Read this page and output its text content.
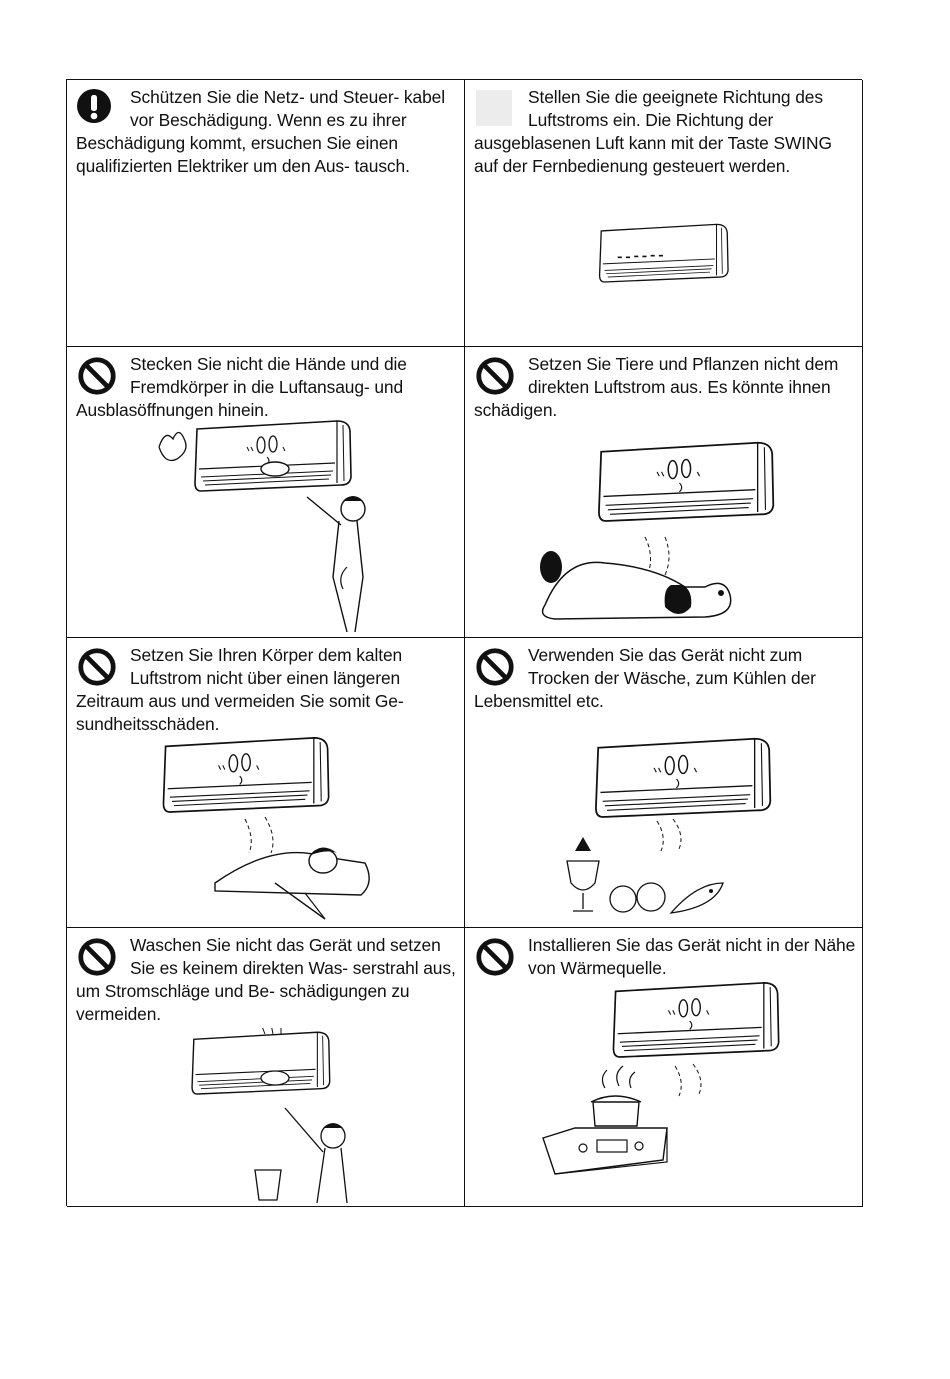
Schützen Sie die Netz- und Steuer- kabel vor Beschädigung. Wenn es zu ihrer Beschädigung kommt, ersuchen Sie einen qualifizierten Elektriker um den Aus- tausch.

Stellen Sie die geeignete Richtung des Luftstroms ein. Die Richtung der ausgeblasenen Luft kann mit der Taste SWING auf der Fernbedienung gesteuert werden.

Stecken Sie nicht die Hände und die Fremdkörper in die Luftansaug- und Ausblasöffnungen hinein.

Setzen Sie Tiere und Pflanzen nicht dem direkten Luftstrom aus. Es könnte ihnen schädigen.

Setzen Sie Ihren Körper dem kalten Luftstrom nicht über einen längeren Zeitraum aus und vermeiden Sie somit Ge- sundheitsschäden.

Verwenden Sie das Gerät nicht zum Trocken der Wäsche, zum Kühlen der Lebensmittel etc.

Waschen Sie nicht das Gerät und setzen Sie es keinem direkten Was- serstrahl aus, um Stromschläge und Be- schädigungen zu vermeiden.

Installieren Sie das Gerät nicht in der Nähe von Wärmequelle.
